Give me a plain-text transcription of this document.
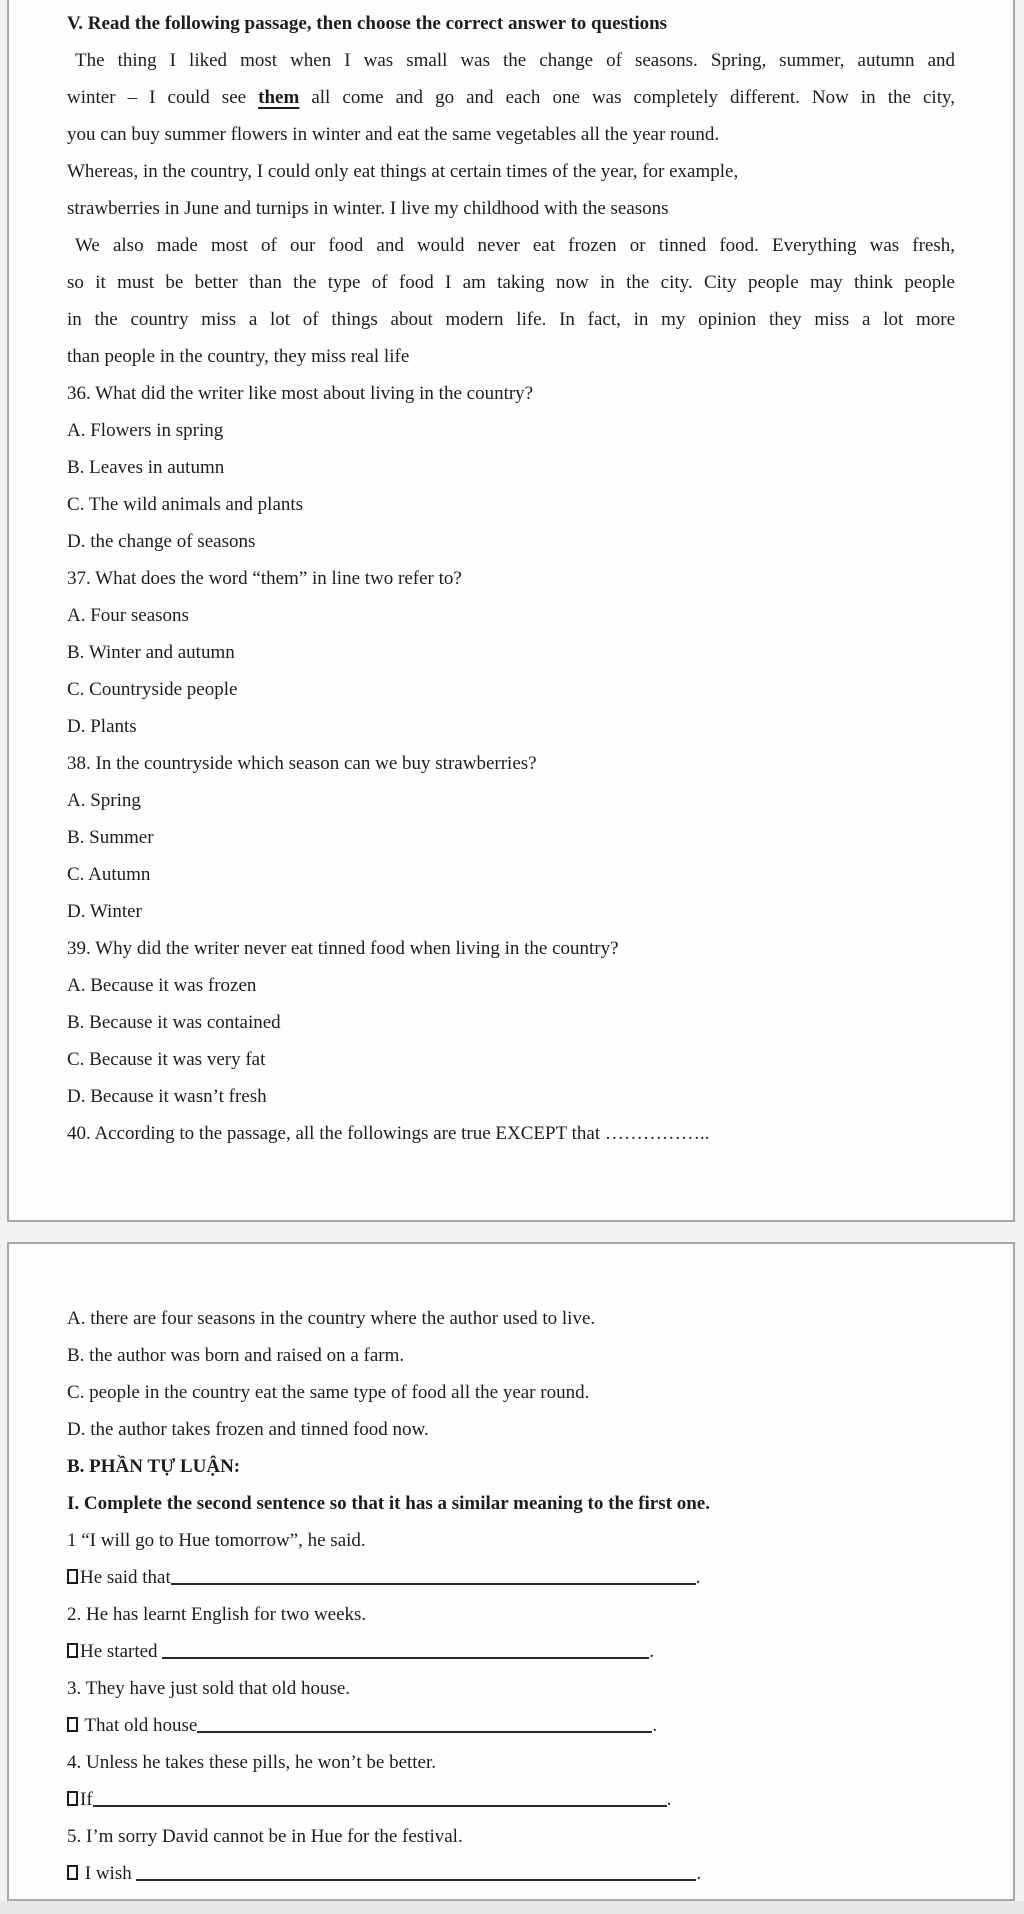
V. Read the following passage, then choose the correct answer to questions
The thing I liked most when I was small was the change of seasons. Spring, summer, autumn and
winter – I could see them all come and go and each one was completely different. Now in the city,
you can buy summer flowers in winter and eat the same vegetables all the year round.
Whereas, in the country, I could only eat things at certain times of the year, for example,
strawberries in June and turnips in winter. I live my childhood with the seasons
We also made most of our food and would never eat frozen or tinned food. Everything was fresh,
so it must be better than the type of food I am taking now in the city. City people may think people
in the country miss a lot of things about modern life. In fact, in my opinion they miss a lot more
than people in the country, they miss real life
36. What did the writer like most about living in the country?
A. Flowers in spring
B. Leaves in autumn
C. The wild animals and plants
D. the change of seasons
37. What does the word “them” in line two refer to?
A. Four seasons
B. Winter and autumn
C. Countryside people
D. Plants
38. In the countryside which season can we buy strawberries?
A. Spring
B. Summer
C. Autumn
D. Winter
39. Why did the writer never eat tinned food when living in the country?
A. Because it was frozen
B. Because it was contained
C. Because it was very fat
D. Because it wasn’t fresh
40. According to the passage, all the followings are true EXCEPT that ……………..
A. there are four seasons in the country where the author used to live.
B. the author was born and raised on a farm.
C. people in the country eat the same type of food all the year round.
D. the author takes frozen and tinned food now.
B. PHẦN TỰ LUẬN:
I. Complete the second sentence so that it has a similar meaning to the first one.
1 “I will go to Hue tomorrow”, he said.
He said that	.
2. He has learnt English for two weeks.
He started	.
3. They have just sold that old house.
That old house	.
4. Unless he takes these pills, he won’t be better.
If	.
5. I’m sorry David cannot be in Hue for the festival.
I wish	.
